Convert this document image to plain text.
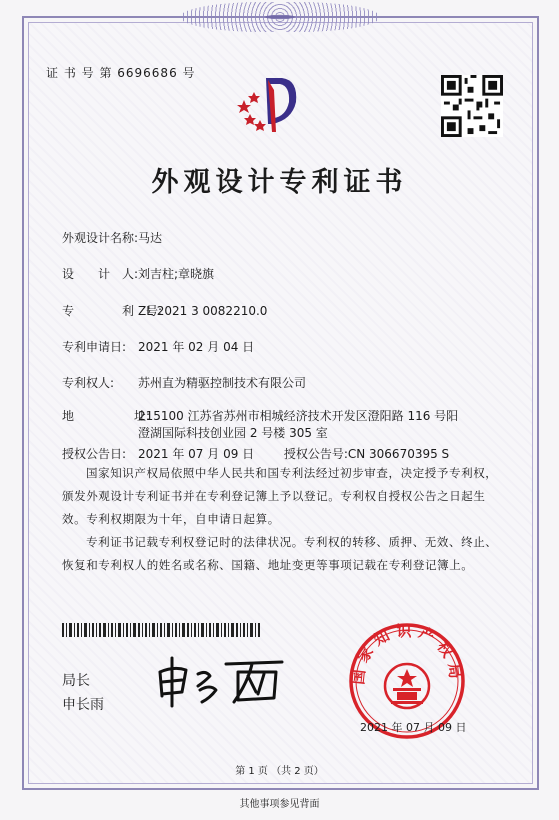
证 书 号 第 6696686 号
外观设计专利证书
外观设计名称:马达
设　　计　人:刘吉柱;章晓旗
专　　　　利　号:ZL 2021 3 0082210.0
专利申请日: 2021 年 02 月 04 日
专利权人: 苏州直为精驱控制技术有限公司
地　　　　　址:215100 江苏省苏州市相城经济技术开发区澄阳路 116 号阳
澄湖国际科技创业园 2 号楼 305 室
授权公告日: 2021 年 07 月 09 日 授权公告号:CN 306670395 S
国家知识产权局依照中华人民共和国专利法经过初步审查，决定授予专利权，颁发外观设计专利证书并在专利登记簿上予以登记。专利权自授权公告之日起生效。专利权期限为十年，自申请日起算。
专利证书记载专利权登记时的法律状况。专利权的转移、质押、无效、终止、恢复和专利权人的姓名或名称、国籍、地址变更等事项记载在专利登记簿上。
局长
申长雨
国家知识产权局
2021 年 07 月 09 日
第 1 页 （共 2 页）
其他事项参见背面
